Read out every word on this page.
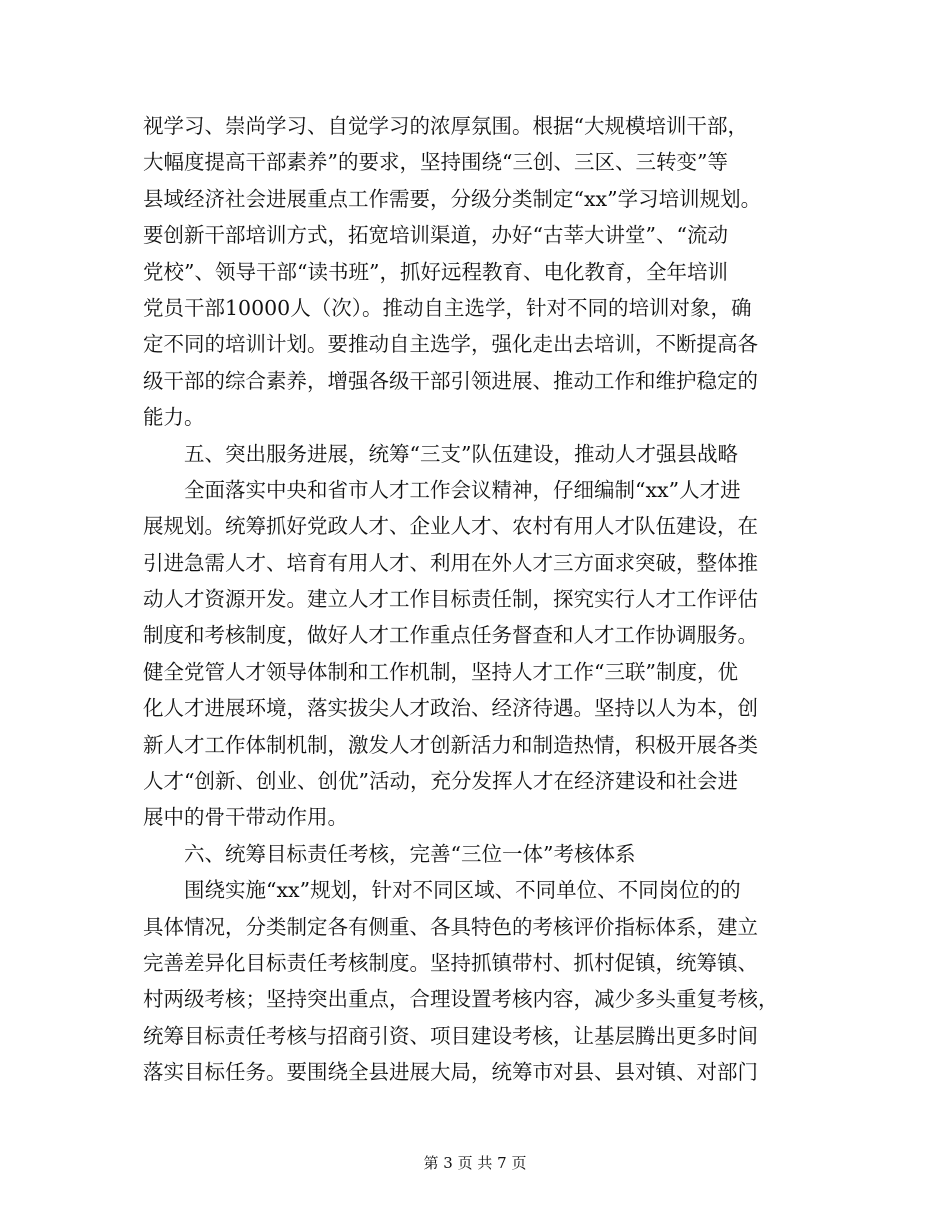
视学习、崇尚学习、自觉学习的浓厚氛围。根据“大规模培训干部，
大幅度提高干部素养”的要求，坚持围绕“三创、三区、三转变”等
县域经济社会进展重点工作需要，分级分类制定“xx”学习培训规划。
要创新干部培训方式，拓宽培训渠道，办好“古莘大讲堂”、“流动
党校”、领导干部“读书班”，抓好远程教育、电化教育，全年培训
党员干部10000人（次）。推动自主选学，针对不同的培训对象，确
定不同的培训计划。要推动自主选学，强化走出去培训，不断提高各
级干部的综合素养，增强各级干部引领进展、推动工作和维护稳定的
能力。
五、突出服务进展，统筹“三支”队伍建设，推动人才强县战略
全面落实中央和省市人才工作会议精神，仔细编制“xx”人才进
展规划。统筹抓好党政人才、企业人才、农村有用人才队伍建设，在
引进急需人才、培育有用人才、利用在外人才三方面求突破，整体推
动人才资源开发。建立人才工作目标责任制，探究实行人才工作评估
制度和考核制度，做好人才工作重点任务督查和人才工作协调服务。
健全党管人才领导体制和工作机制，坚持人才工作“三联”制度，优
化人才进展环境，落实拔尖人才政治、经济待遇。坚持以人为本，创
新人才工作体制机制，激发人才创新活力和制造热情，积极开展各类
人才“创新、创业、创优”活动，充分发挥人才在经济建设和社会进
展中的骨干带动作用。
六、统筹目标责任考核，完善“三位一体”考核体系
围绕实施“xx”规划，针对不同区域、不同单位、不同岗位的的
具体情况，分类制定各有侧重、各具特色的考核评价指标体系，建立
完善差异化目标责任考核制度。坚持抓镇带村、抓村促镇，统筹镇、
村两级考核；坚持突出重点，合理设置考核内容，减少多头重复考核，
统筹目标责任考核与招商引资、项目建设考核，让基层腾出更多时间
落实目标任务。要围绕全县进展大局，统筹市对县、县对镇、对部门
第 3 页 共 7 页
